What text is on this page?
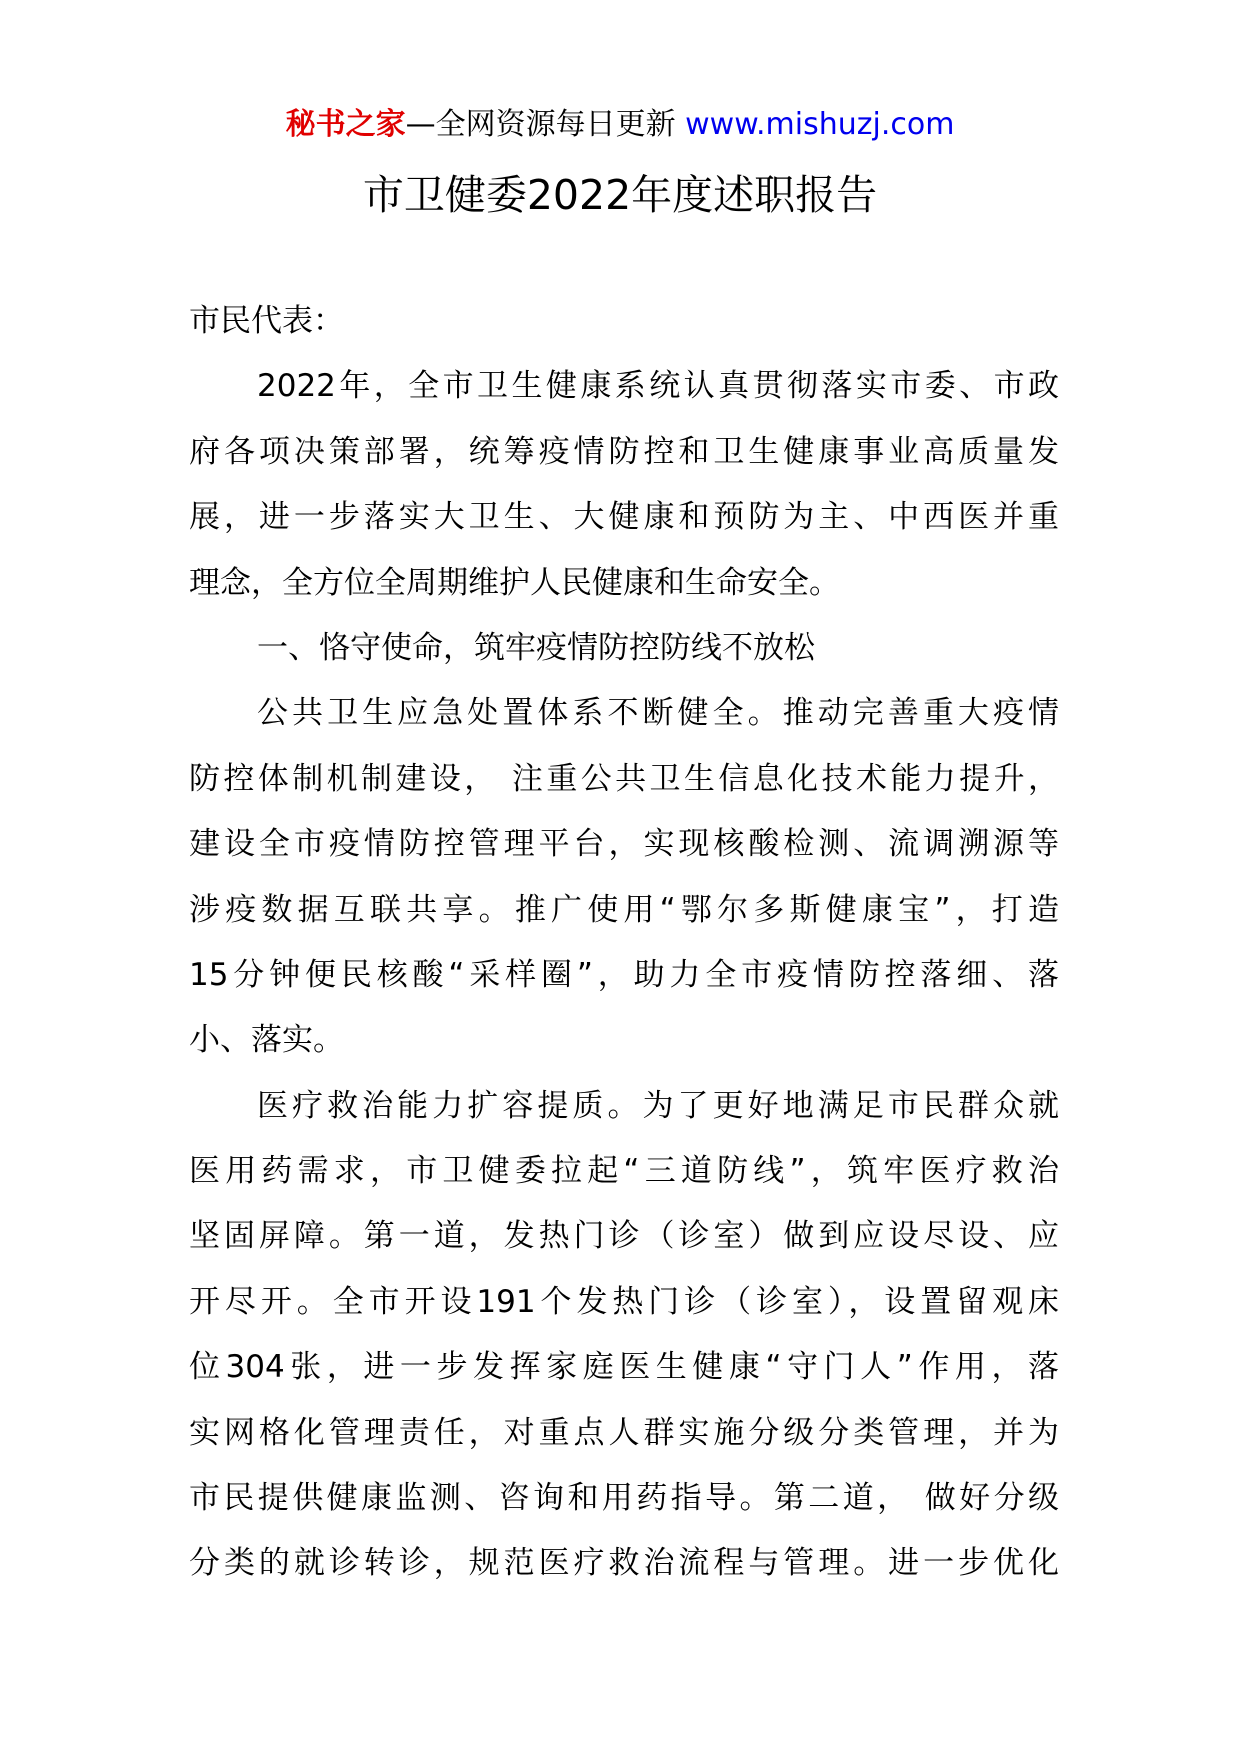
秘书之家—全网资源每日更新 www.mishuzj.com
市卫健委2022年度述职报告
市民代表：
2022年，全市卫生健康系统认真贯彻落实市委、市政
府各项决策部署，统筹疫情防控和卫生健康事业高质量发
展，进一步落实大卫生、大健康和预防为主、中西医并重
理念，全方位全周期维护人民健康和生命安全。
一、恪守使命，筑牢疫情防控防线不放松
公共卫生应急处置体系不断健全。推动完善重大疫情
防控体制机制建设， 注重公共卫生信息化技术能力提升，
建设全市疫情防控管理平台，实现核酸检测、流调溯源等
涉疫数据互联共享。推广使用“鄂尔多斯健康宝”，打造
15分钟便民核酸“采样圈”，助力全市疫情防控落细、落
小、落实。
医疗救治能力扩容提质。为了更好地满足市民群众就
医用药需求，市卫健委拉起“三道防线”，筑牢医疗救治
坚固屏障。第一道，发热门诊（诊室）做到应设尽设、应
开尽开。全市开设191个发热门诊（诊室），设置留观床
位304张，进一步发挥家庭医生健康“守门人”作用，落
实网格化管理责任，对重点人群实施分级分类管理，并为
市民提供健康监测、咨询和用药指导。第二道， 做好分级
分类的就诊转诊，规范医疗救治流程与管理。进一步优化
